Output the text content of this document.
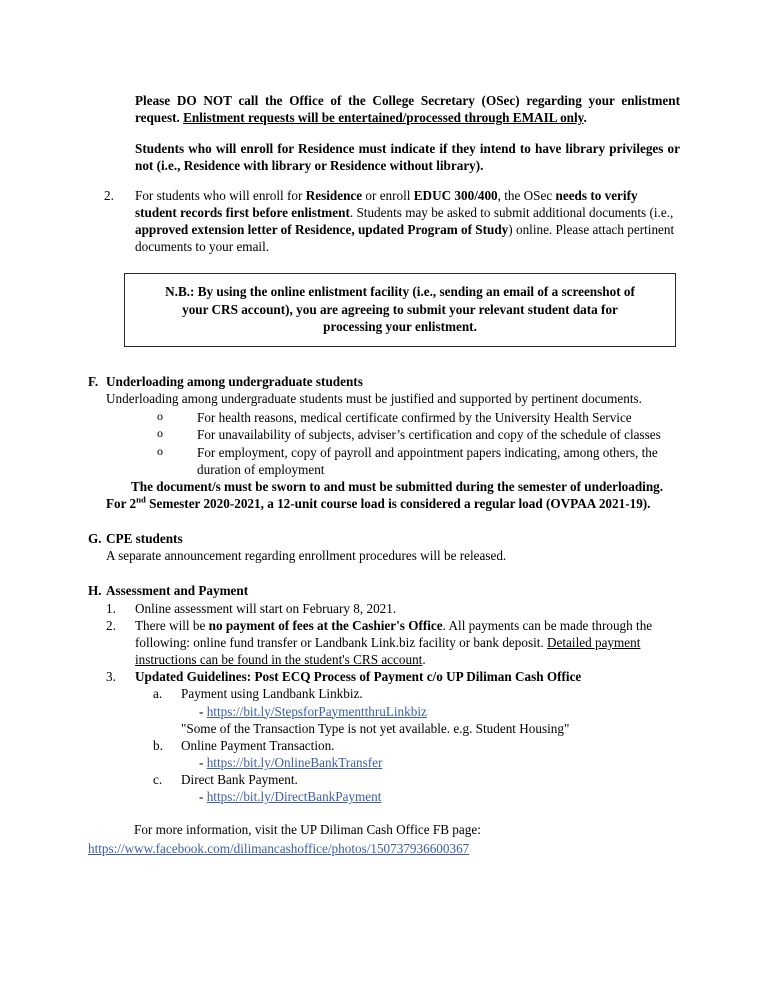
Please DO NOT call the Office of the College Secretary (OSec) regarding your enlistment request. Enlistment requests will be entertained/processed through EMAIL only.
Students who will enroll for Residence must indicate if they intend to have library privileges or not (i.e., Residence with library or Residence without library).
2.	For students who will enroll for Residence or enroll EDUC 300/400, the OSec needs to verify student records first before enlistment. Students may be asked to submit additional documents (i.e., approved extension letter of Residence, updated Program of Study) online. Please attach pertinent documents to your email.
N.B.: By using the online enlistment facility (i.e., sending an email of a screenshot of your CRS account), you are agreeing to submit your relevant student data for processing your enlistment.
F. Underloading among undergraduate students
Underloading among undergraduate students must be justified and supported by pertinent documents.
o	For health reasons, medical certificate confirmed by the University Health Service
o	For unavailability of subjects, adviser’s certification and copy of the schedule of classes
o	For employment, copy of payroll and appointment papers indicating, among others, the duration of employment
The document/s must be sworn to and must be submitted during the semester of underloading.
For 2nd Semester 2020-2021, a 12-unit course load is considered a regular load (OVPAA 2021-19).
G. CPE students
A separate announcement regarding enrollment procedures will be released.
H. Assessment and Payment
1.	Online assessment will start on February 8, 2021.
2.	There will be no payment of fees at the Cashier's Office. All payments can be made through the following: online fund transfer or Landbank Link.biz facility or bank deposit. Detailed payment instructions can be found in the student's CRS account.
3.	Updated Guidelines: Post ECQ Process of Payment c/o UP Diliman Cash Office
a.	Payment using Landbank Linkbiz.
- https://bit.ly/StepsforPaymentthruLinkbiz
"Some of the Transaction Type is not yet available. e.g. Student Housing"
b.	Online Payment Transaction.
- https://bit.ly/OnlineBankTransfer
c.	Direct Bank Payment.
- https://bit.ly/DirectBankPayment
For more information, visit the UP Diliman Cash Office FB page:
https://www.facebook.com/dilimancashoffice/photos/150737936600367
